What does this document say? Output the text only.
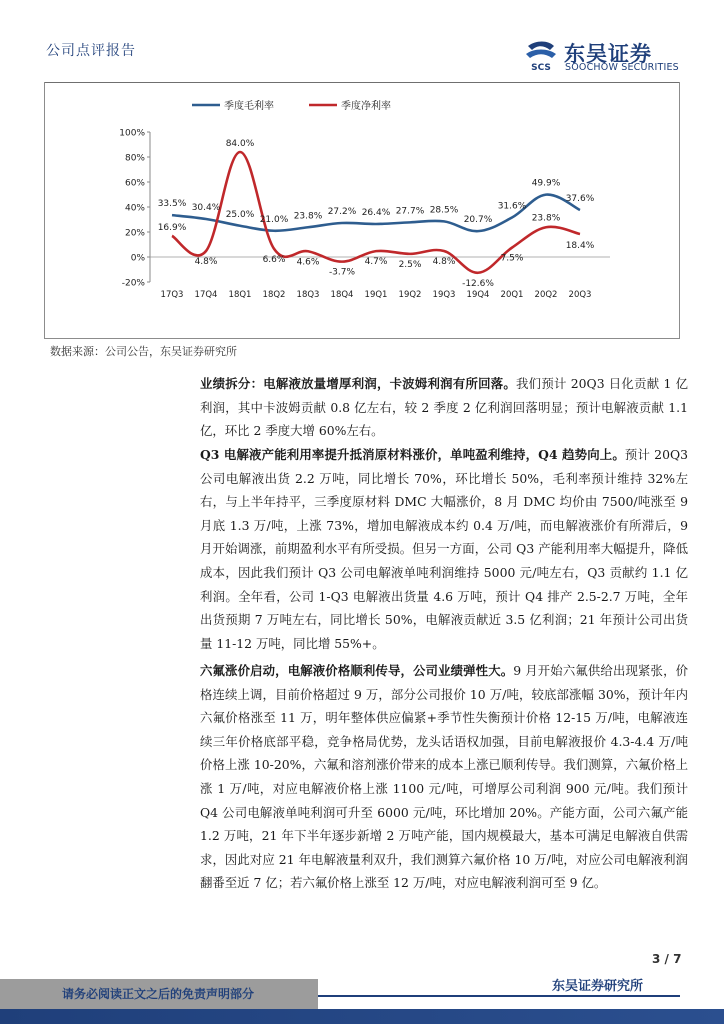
公司点评报告
SCS
东吴证券
SOOCHOW SECURITIES
季度毛利率	季度净利率
-20%
0%
20%
40%
60%
80%
100%
17Q3 17Q4 18Q1 18Q2 18Q3 18Q4 19Q1 19Q2 19Q3 19Q4 20Q1 20Q2 20Q3
33.5% 30.4%
25.0% 21.0% 23.8% 27.2% 26.4% 27.7% 28.5%
20.7%
31.6%
49.9%
37.6%
16.9%
4.8%
84.0%
6.6% 4.6%
-3.7%
4.7% 2.5% 4.8%
-12.6%
7.5%
23.8%
18.4%
数据来源：公司公告，东吴证券研究所

业绩拆分：电解液放量增厚利润，卡波姆利润有所回落。我们预计 20Q3 日化贡献 1 亿利润，其中卡波姆贡献 0.8 亿左右，较 2 季度 2 亿利润回落明显；预计电解液贡献 1.1 亿，环比 2 季度大增 60%左右。

Q3 电解液产能利用率提升抵消原材料涨价，单吨盈利维持，Q4 趋势向上。预计 20Q3 公司电解液出货 2.2 万吨，同比增长 70%，环比增长 50%，毛利率预计维持 32%左右，与上半年持平，三季度原材料 DMC 大幅涨价，8 月 DMC 均价由 7500/吨涨至 9 月底 1.3 万/吨，上涨 73%，增加电解液成本约 0.4 万/吨，而电解液涨价有所滞后，9 月开始调涨，前期盈利水平有所受损。但另一方面，公司 Q3 产能利用率大幅提升，降低成本，因此我们预计 Q3 公司电解液单吨利润维持 5000 元/吨左右，Q3 贡献约 1.1 亿利润。全年看，公司 1-Q3 电解液出货量 4.6 万吨，预计 Q4 排产 2.5-2.7 万吨，全年出货预期 7 万吨左右，同比增长 50%，电解液贡献近 3.5 亿利润；21 年预计公司出货量 11-12 万吨，同比增 55%+。

六氟涨价启动，电解液价格顺利传导，公司业绩弹性大。9 月开始六氟供给出现紧张，价格连续上调，目前价格超过 9 万，部分公司报价 10 万/吨，较底部涨幅 30%，预计年内六氟价格涨至 11 万，明年整体供应偏紧+季节性失衡预计价格 12-15 万/吨，电解液连续三年价格底部平稳，竞争格局优势，龙头话语权加强，目前电解液报价 4.3-4.4 万/吨价格上涨 10-20%，六氟和溶剂涨价带来的成本上涨已顺利传导。我们测算，六氟价格上涨 1 万/吨，对应电解液价格上涨 1100 元/吨，可增厚公司利润 900 元/吨。我们预计 Q4 公司电解液单吨利润可升至 6000 元/吨，环比增加 20%。产能方面，公司六氟产能 1.2 万吨，21 年下半年逐步新增 2 万吨产能，国内规模最大，基本可满足电解液自供需求，因此对应 21 年电解液量利双升，我们测算六氟价格 10 万/吨，对应公司电解液利润翻番至近 7 亿；若六氟价格上涨至 12 万/吨，对应电解液利润可至 9 亿。

3 / 7
请务必阅读正文之后的免责声明部分	东吴证券研究所
